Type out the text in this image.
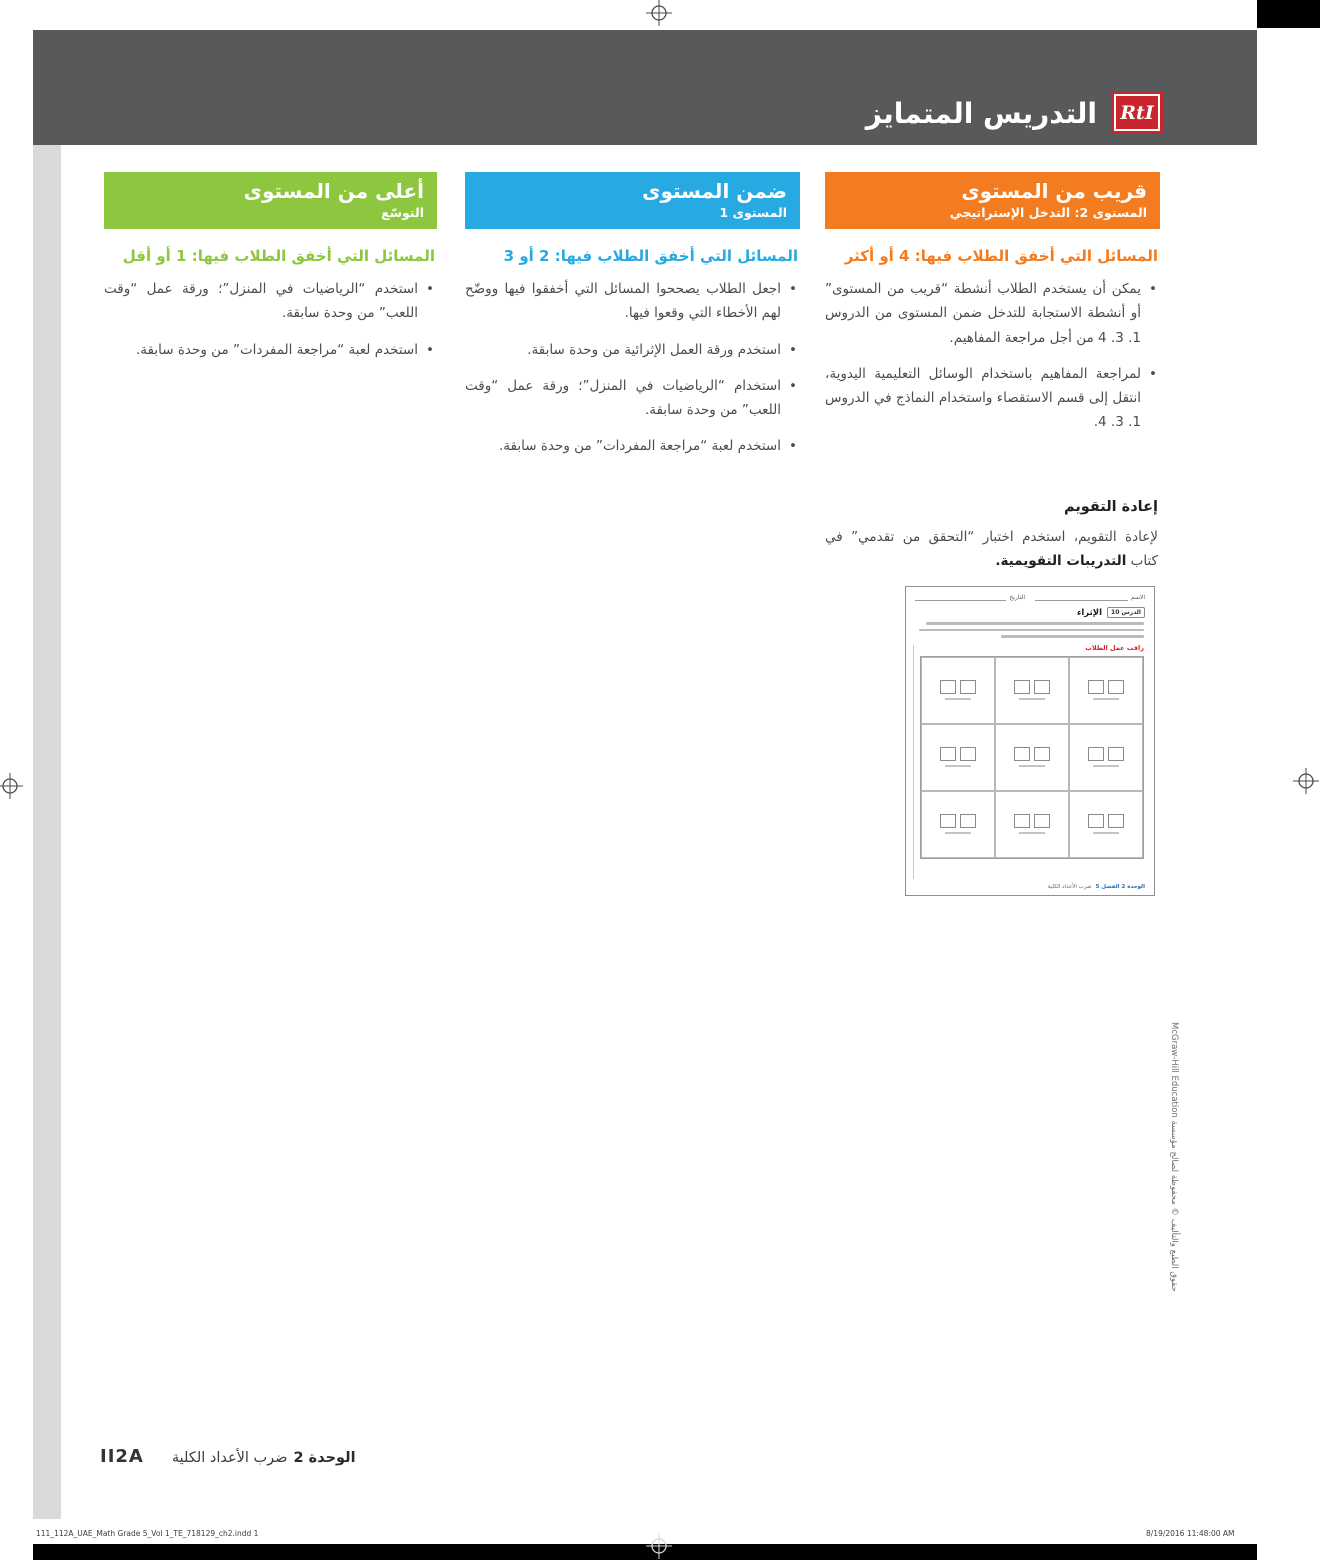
التدريس المتمايز	RtI
قريب من المستوى
المستوى 2: التدخل الإستراتيجي
المسائل التي أخفق الطلاب فيها: 4 أو أكثر
• يمكن أن يستخدم الطلاب أنشطة “قريب من المستوى” أو أنشطة الاستجابة للتدخل ضمن المستوى من الدروس 1. 3. 4 من أجل مراجعة المفاهيم.
• لمراجعة المفاهيم باستخدام الوسائل التعليمية اليدوية، انتقل إلى قسم الاستقصاء واستخدام النماذج في الدروس 1. 3. 4.
إعادة التقويم
لإعادة التقويم، استخدم اختبار “التحقق من تقدمي” في كتاب التدريبات التقويمية.
الاسم
التاريخ
الدرس 10
الإثراء
راقب عمل الطلاب
الوحدة 2 الفصل 5
ضرب الأعداد الكلية
ضمن المستوى
المستوى 1
المسائل التي أخفق الطلاب فيها: 2 أو 3
• اجعل الطلاب يصححوا المسائل التي أخفقوا فيها ووضّح لهم الأخطاء التي وقعوا فيها.
• استخدم ورقة العمل الإثرائية من وحدة سابقة.
• استخدام “الرياضيات في المنزل”؛ ورقة عمل “وقت اللعب” من وحدة سابقة.
• استخدم لعبة “مراجعة المفردات” من وحدة سابقة.
أعلى من المستوى
التوسّع
المسائل التي أخفق الطلاب فيها: 1 أو أقل
• استخدم “الرياضيات في المنزل”؛ ورقة عمل “وقت اللعب” من وحدة سابقة.
• استخدم لعبة “مراجعة المفردات” من وحدة سابقة.
حقوق الطبع والتأليف © محفوظة لصالح مؤسسة McGraw-Hill Education
II2A	الوحدة 2ضرب الأعداد الكلية
111_112A_UAE_Math Grade 5_Vol 1_TE_718129_ch2.indd 1	8/19/2016 11:48:00 AM
